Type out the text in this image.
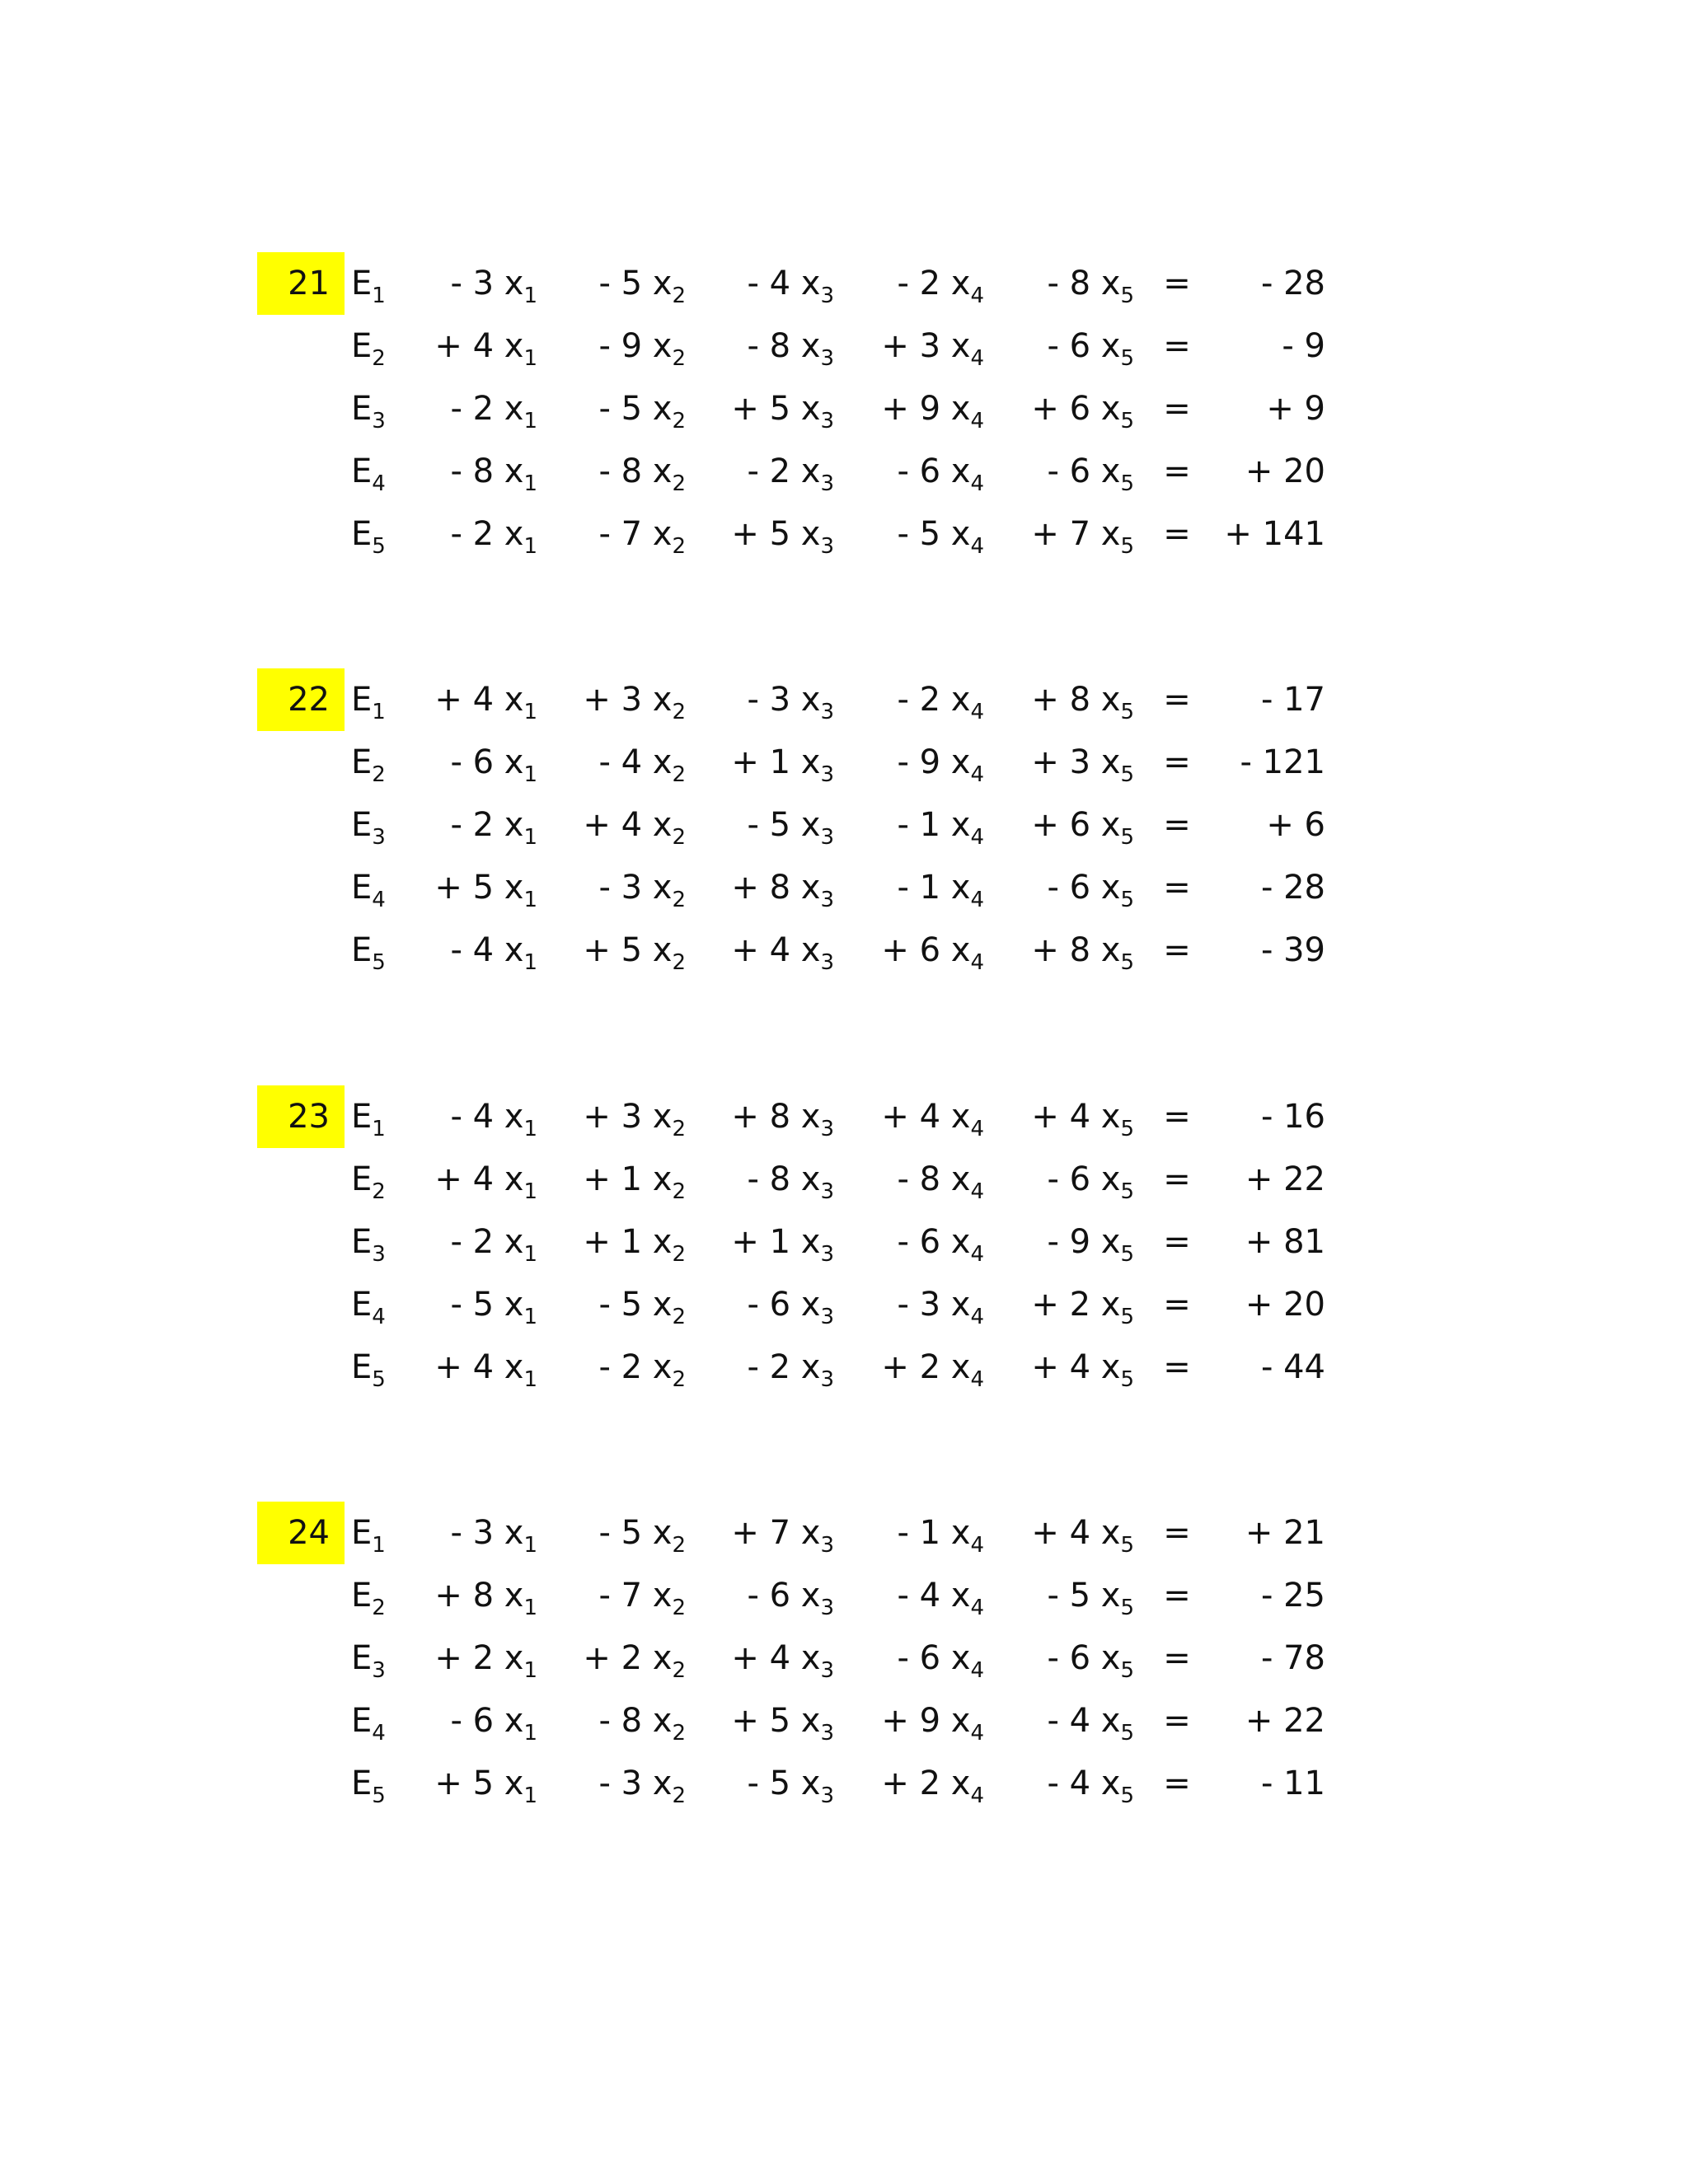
21 $E_1$	- 3 $x_1$	- 5 $x_2$	- 4 $x_3$	- 2 $x_4$	- 8 $x_5$ =	- 28
$E_2$	+ 4 $x_1$	- 9 $x_2$	- 8 $x_3$	+ 3 $x_4$	- 6 $x_5$ =	- 9
$E_3$	- 2 $x_1$	- 5 $x_2$	+ 5 $x_3$	+ 9 $x_4$	+ 6 $x_5$ =	+ 9
$E_4$	- 8 $x_1$	- 8 $x_2$	- 2 $x_3$	- 6 $x_4$	- 6 $x_5$ =	+ 20
$E_5$	- 2 $x_1$	- 7 $x_2$	+ 5 $x_3$	- 5 $x_4$	+ 7 $x_5$ =	+ 141
22 $E_1$	+ 4 $x_1$	+ 3 $x_2$	- 3 $x_3$	- 2 $x_4$	+ 8 $x_5$ =	- 17
$E_2$	- 6 $x_1$	- 4 $x_2$	+ 1 $x_3$	- 9 $x_4$	+ 3 $x_5$ =	- 121
$E_3$	- 2 $x_1$	+ 4 $x_2$	- 5 $x_3$	- 1 $x_4$	+ 6 $x_5$ =	+ 6
$E_4$	+ 5 $x_1$	- 3 $x_2$	+ 8 $x_3$	- 1 $x_4$	- 6 $x_5$ =	- 28
$E_5$	- 4 $x_1$	+ 5 $x_2$	+ 4 $x_3$	+ 6 $x_4$	+ 8 $x_5$ =	- 39
23 $E_1$	- 4 $x_1$	+ 3 $x_2$	+ 8 $x_3$	+ 4 $x_4$	+ 4 $x_5$ =	- 16
$E_2$	+ 4 $x_1$	+ 1 $x_2$	- 8 $x_3$	- 8 $x_4$	- 6 $x_5$ =	+ 22
$E_3$	- 2 $x_1$	+ 1 $x_2$	+ 1 $x_3$	- 6 $x_4$	- 9 $x_5$ =	+ 81
$E_4$	- 5 $x_1$	- 5 $x_2$	- 6 $x_3$	- 3 $x_4$	+ 2 $x_5$ =	+ 20
$E_5$	+ 4 $x_1$	- 2 $x_2$	- 2 $x_3$	+ 2 $x_4$	+ 4 $x_5$ =	- 44
24 $E_1$	- 3 $x_1$	- 5 $x_2$	+ 7 $x_3$	- 1 $x_4$	+ 4 $x_5$ =	+ 21
$E_2$	+ 8 $x_1$	- 7 $x_2$	- 6 $x_3$	- 4 $x_4$	- 5 $x_5$ =	- 25
$E_3$	+ 2 $x_1$	+ 2 $x_2$	+ 4 $x_3$	- 6 $x_4$	- 6 $x_5$ =	- 78
$E_4$	- 6 $x_1$	- 8 $x_2$	+ 5 $x_3$	+ 9 $x_4$	- 4 $x_5$ =	+ 22
$E_5$	+ 5 $x_1$	- 3 $x_2$	- 5 $x_3$	+ 2 $x_4$	- 4 $x_5$ =	- 11
